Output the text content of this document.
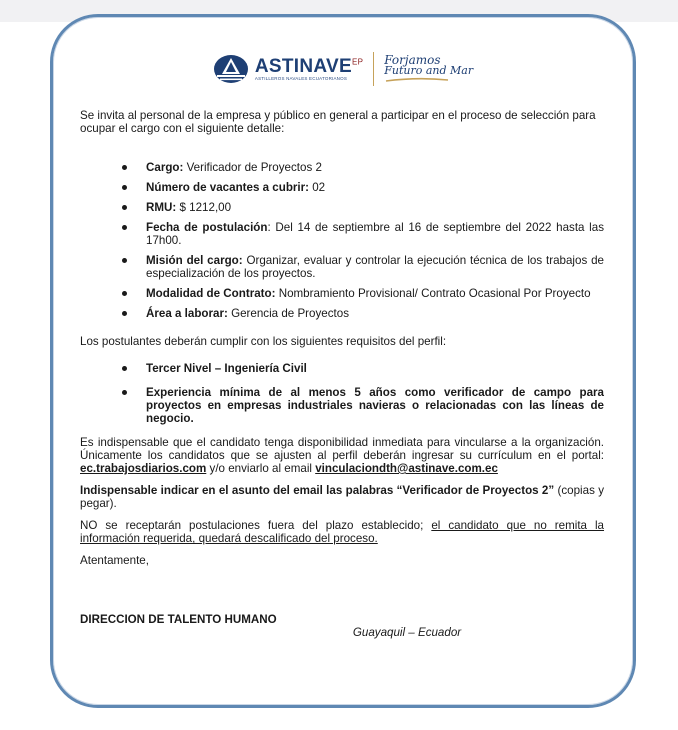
$ASTINAVE^{EP}$
ASTILLEROS NAVALES ECUATORIANOS
Forjamos
Futuro and Mar

Se invita al personal de la empresa y público en general a participar en el proceso de selección para ocupar el cargo con el siguiente detalle:

Cargo: Verificador de Proyectos 2
Número de vacantes a cubrir: 02
RMU: $ 1212,00
Fecha de postulación: Del 14 de septiembre al 16 de septiembre del 2022 hasta las 17h00.
Misión del cargo: Organizar, evaluar y controlar la ejecución técnica de los trabajos de especialización de los proyectos.
Modalidad de Contrato: Nombramiento Provisional/ Contrato Ocasional Por Proyecto
Área a laborar: Gerencia de Proyectos

Los postulantes deberán cumplir con los siguientes requisitos del perfil:

Tercer Nivel – Ingeniería Civil
Experiencia mínima de al menos 5 años como verificador de campo para proyectos en empresas industriales navieras o relacionadas con las líneas de negocio.

Es indispensable que el candidato tenga disponibilidad inmediata para vincularse a la organización. Únicamente los candidatos que se ajusten al perfil deberán ingresar su currículum en el portal: ec.trabajosdiarios.com y/o enviarlo al email vinculaciondth@astinave.com.ec

Indispensable indicar en el asunto del email las palabras “Verificador de Proyectos 2” (copias y pegar).

NO se receptarán postulaciones fuera del plazo establecido; el candidato que no remita la información requerida, quedará descalificado del proceso.

Atentamente,

DIRECCION DE TALENTO HUMANO

Guayaquil – Ecuador
